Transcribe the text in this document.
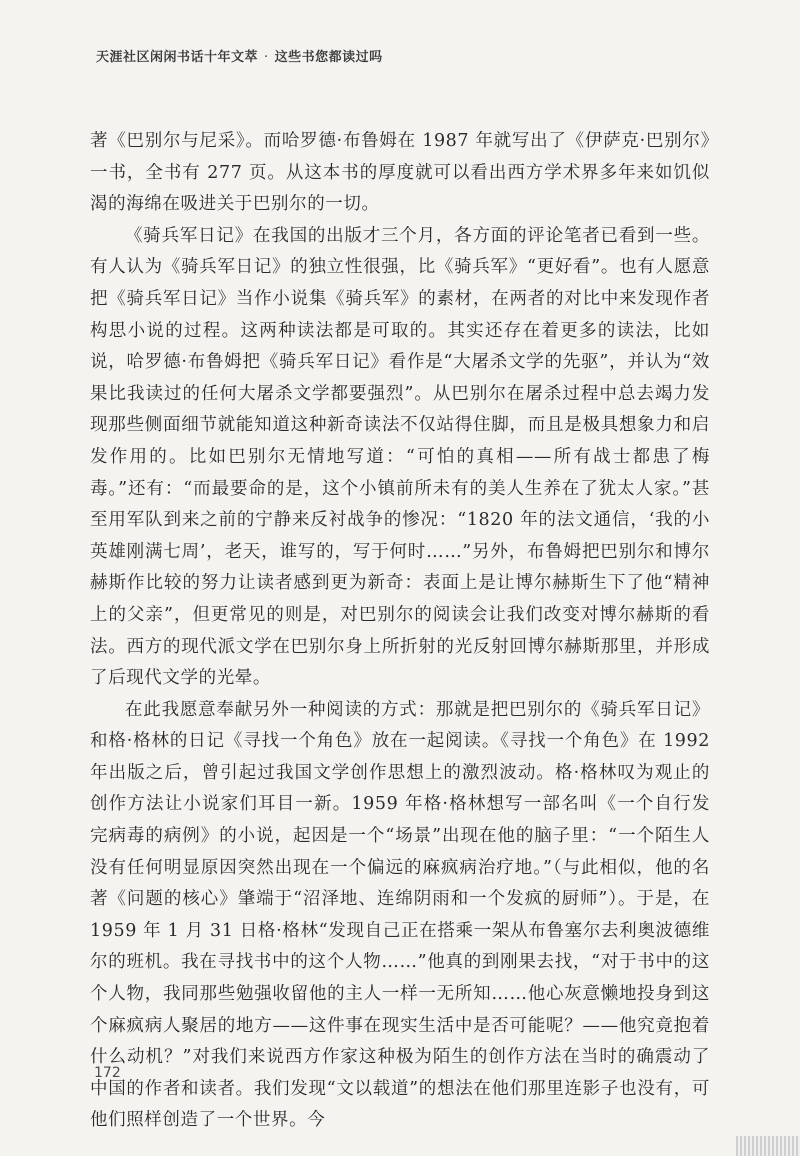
天涯社区闲闲书话十年文萃 · 这些书您都读过吗

著《巴别尔与尼采》。而哈罗德·布鲁姆在 1987 年就写出了《伊萨克·巴别尔》一书，全书有 277 页。从这本书的厚度就可以看出西方学术界多年来如饥似渴的海绵在吸进关于巴别尔的一切。

《骑兵军日记》在我国的出版才三个月，各方面的评论笔者已看到一些。有人认为《骑兵军日记》的独立性很强，比《骑兵军》“更好看”。也有人愿意把《骑兵军日记》当作小说集《骑兵军》的素材，在两者的对比中来发现作者构思小说的过程。这两种读法都是可取的。其实还存在着更多的读法，比如说，哈罗德·布鲁姆把《骑兵军日记》看作是“大屠杀文学的先驱”，并认为“效果比我读过的任何大屠杀文学都要强烈”。从巴别尔在屠杀过程中总去竭力发现那些侧面细节就能知道这种新奇读法不仅站得住脚，而且是极具想象力和启发作用的。比如巴别尔无情地写道：“可怕的真相——所有战士都患了梅毒。”还有：“而最要命的是，这个小镇前所未有的美人生养在了犹太人家。”甚至用军队到来之前的宁静来反衬战争的惨况：“1820 年的法文通信，‘我的小英雄刚满七周’，老天，谁写的，写于何时……”另外，布鲁姆把巴别尔和博尔赫斯作比较的努力让读者感到更为新奇：表面上是让博尔赫斯生下了他“精神上的父亲”，但更常见的则是，对巴别尔的阅读会让我们改变对博尔赫斯的看法。西方的现代派文学在巴别尔身上所折射的光反射回博尔赫斯那里，并形成了后现代文学的光晕。

在此我愿意奉献另外一种阅读的方式：那就是把巴别尔的《骑兵军日记》和格·格林的日记《寻找一个角色》放在一起阅读。《寻找一个角色》在 1992 年出版之后，曾引起过我国文学创作思想上的激烈波动。格·格林叹为观止的创作方法让小说家们耳目一新。1959 年格·格林想写一部名叫《一个自行发完病毒的病例》的小说，起因是一个“场景”出现在他的脑子里：“一个陌生人没有任何明显原因突然出现在一个偏远的麻疯病治疗地。”（与此相似，他的名著《问题的核心》肇端于“沼泽地、连绵阴雨和一个发疯的厨师”）。于是，在 1959 年 1 月 31 日格·格林“发现自己正在搭乘一架从布鲁塞尔去利奥波德维尔的班机。我在寻找书中的这个人物……”他真的到刚果去找，“对于书中的这个人物，我同那些勉强收留他的主人一样一无所知……他心灰意懒地投身到这个麻疯病人聚居的地方——这件事在现实生活中是否可能呢？——他究竟抱着什么动机？”对我们来说西方作家这种极为陌生的创作方法在当时的确震动了中国的作者和读者。我们发现“文以载道”的想法在他们那里连影子也没有，可他们照样创造了一个世界。今

172
